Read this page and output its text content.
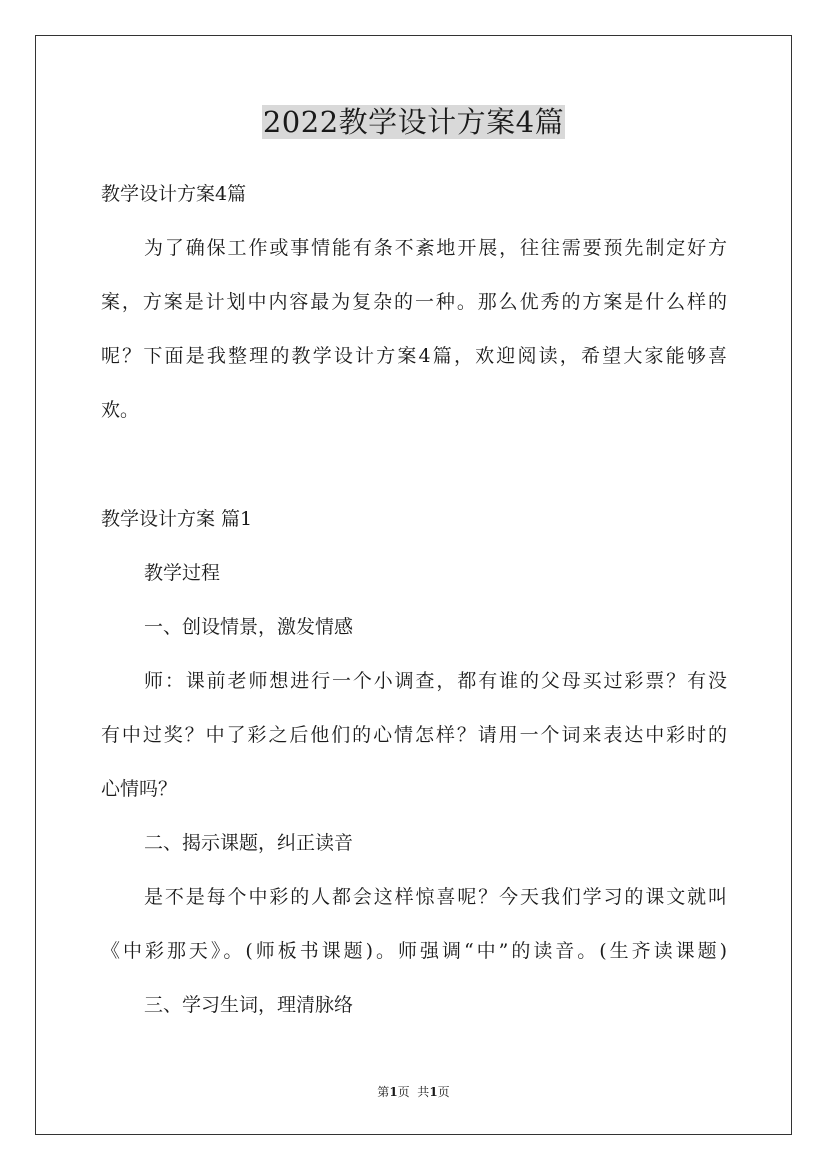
2022教学设计方案4篇
教学设计方案4篇
为了确保工作或事情能有条不紊地开展，往往需要预先制定好方
案，方案是计划中内容最为复杂的一种。那么优秀的方案是什么样的
呢？下面是我整理的教学设计方案4篇，欢迎阅读，希望大家能够喜
欢。
教学设计方案 篇1
教学过程
一、创设情景，激发情感
师：课前老师想进行一个小调查，都有谁的父母买过彩票？有没
有中过奖？中了彩之后他们的心情怎样？请用一个词来表达中彩时的
心情吗？
二、揭示课题，纠正读音
是不是每个中彩的人都会这样惊喜呢？今天我们学习的课文就叫
《中彩那天》。(师板书课题)。师强调“中”的读音。(生齐读课题)
三、学习生词，理清脉络
第1页  共1页
